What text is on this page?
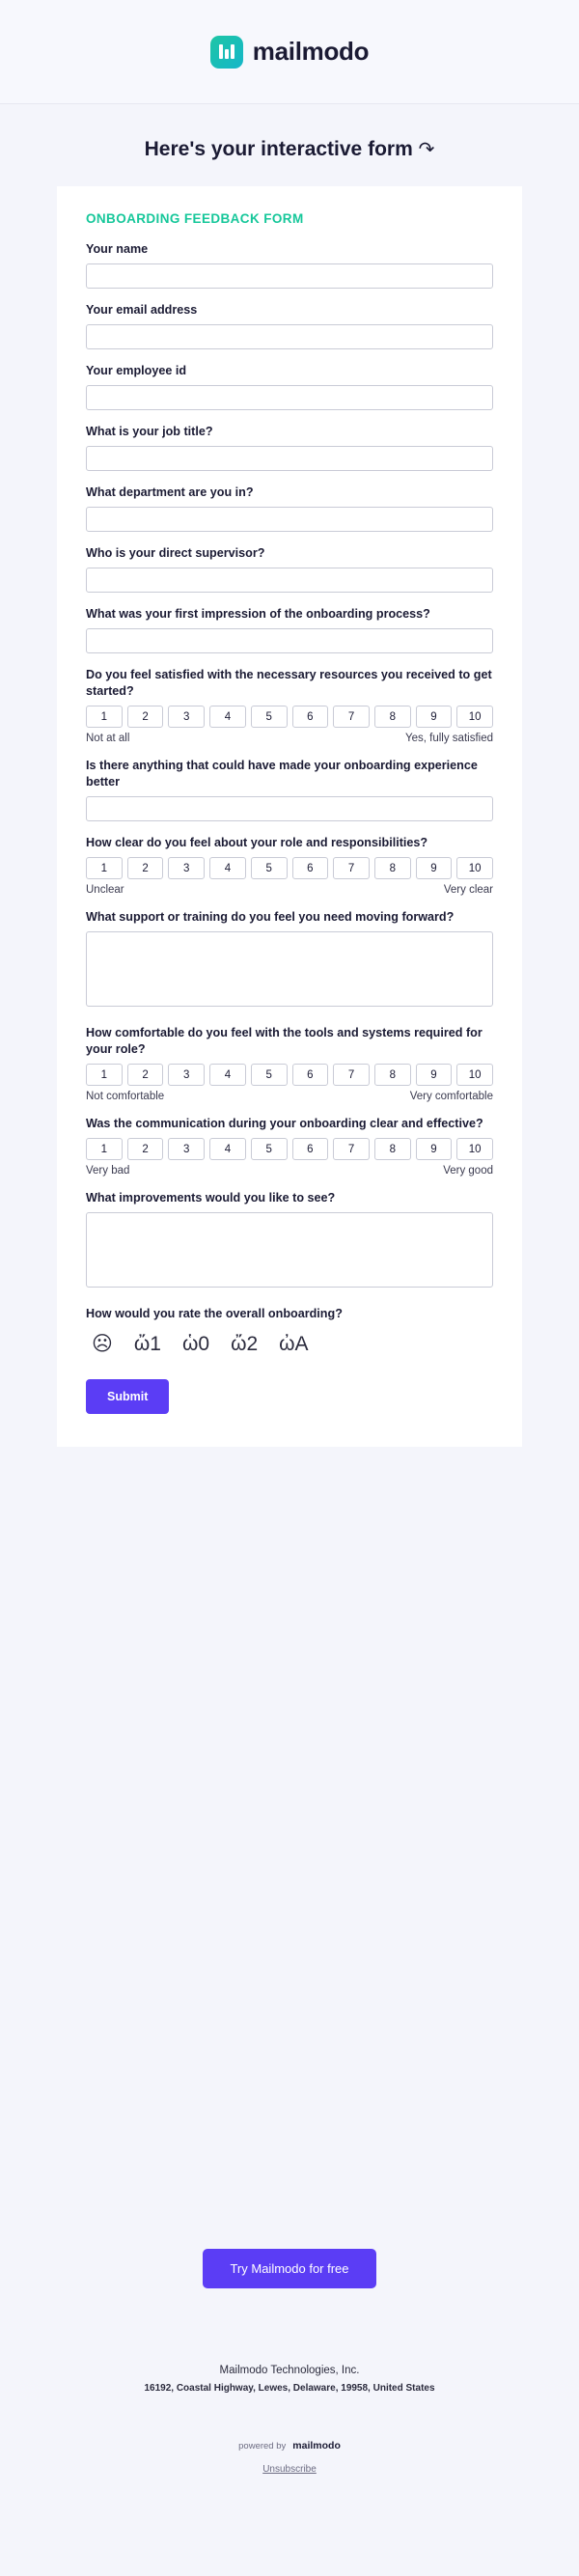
mailmodo
Here's your interactive form ↷
ONBOARDING FEEDBACK FORM
Your name
Your email address
Your employee id
What is your job title?
What department are you in?
Who is your direct supervisor?
What was your first impression of the onboarding process?
Do you feel satisfied with the necessary resources you received to get started?
1	2	3	4	5	6	7	8	9	10
Not at all	Yes, fully satisfied
Is there anything that could have made your onboarding experience better
How clear do you feel about your role and responsibilities?
1	2	3	4	5	6	7	8	9	10
Unclear	Very clear
What support or training do you feel you need moving forward?
How comfortable do you feel with the tools and systems required for your role?
1	2	3	4	5	6	7	8	9	10
Not comfortable	Very comfortable
Was the communication during your onboarding clear and effective?
1	2	3	4	5	6	7	8	9	10
Very bad	Very good
What improvements would you like to see?
How would you rate the overall onboarding?
☹ ὤ1 ὡ0 ὤ2 ὠA
Submit
Try Mailmodo for free
Mailmodo Technologies, Inc.
16192, Coastal Highway, Lewes, Delaware, 19958, United States
powered by mailmodo
Unsubscribe
